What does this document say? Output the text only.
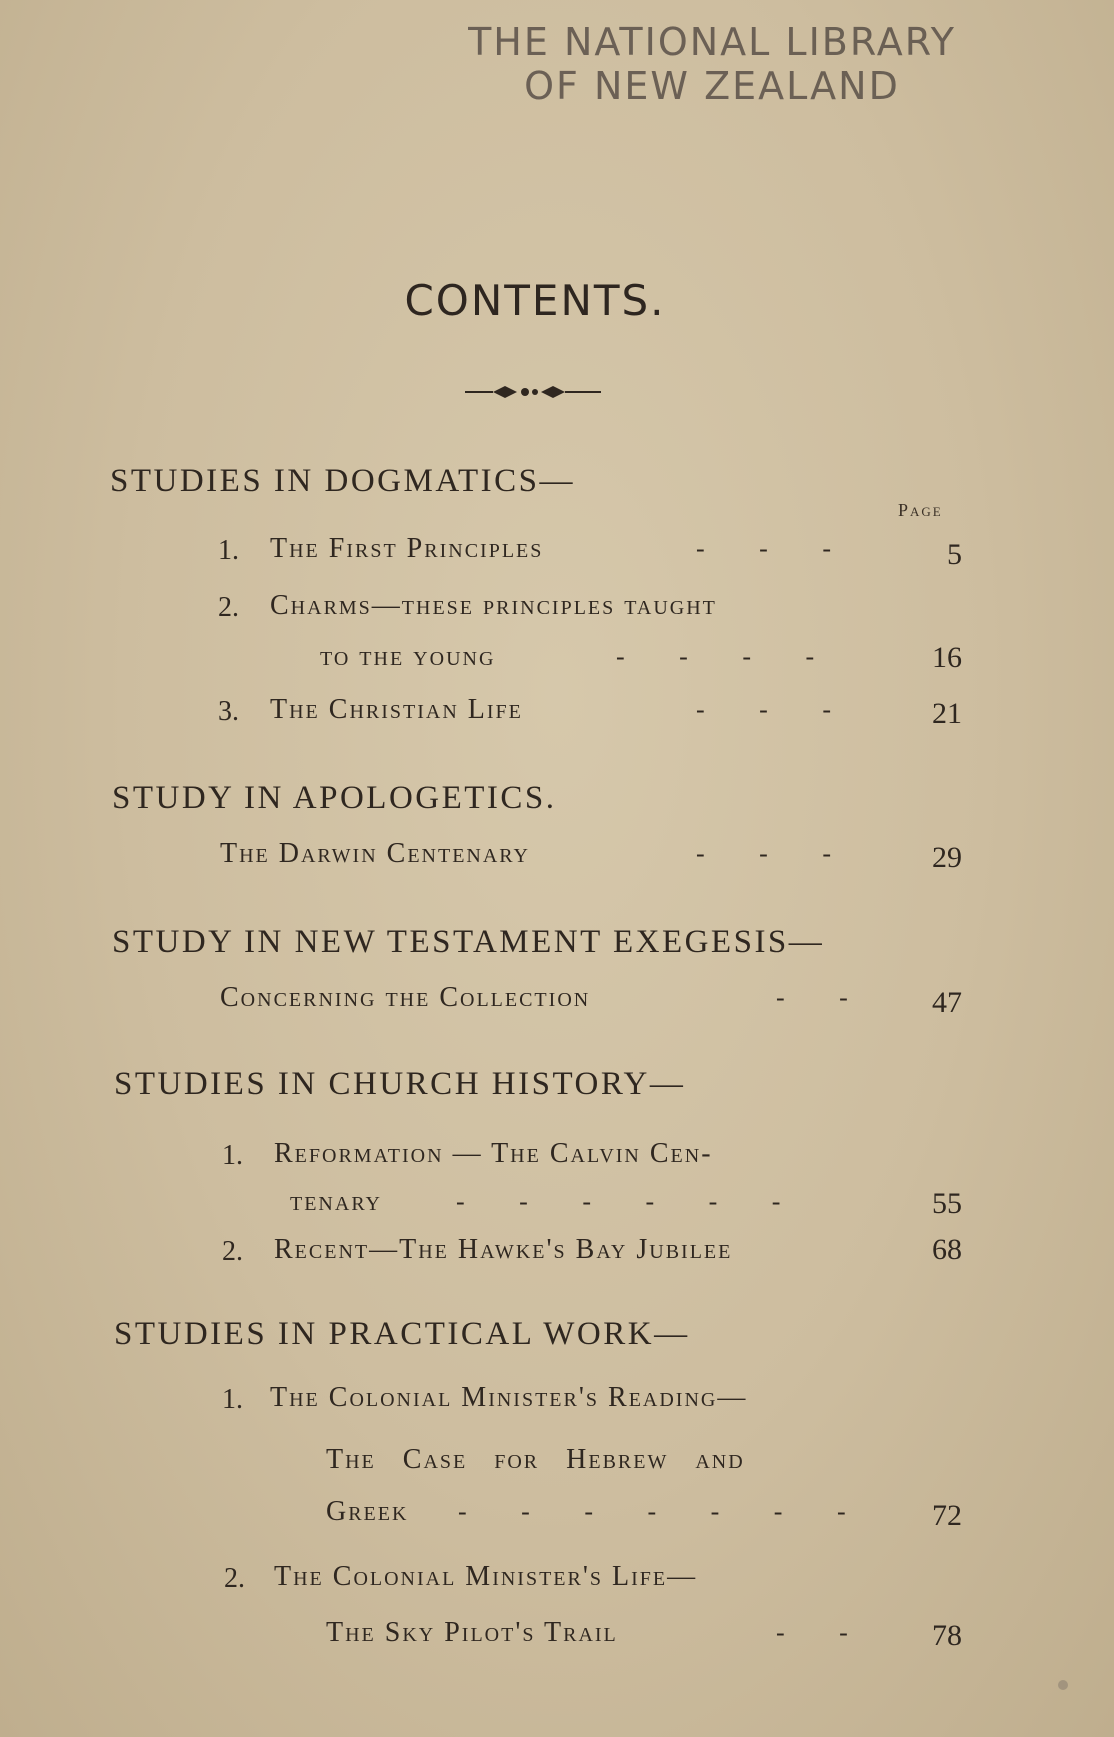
THE NATIONAL LIBRARY
OF NEW ZEALAND
CONTENTS.
STUDIES IN DOGMATICS—
Page
1. The First Principles	- - -	5
2. Charms—these principles taught
to the young	- - - -	16
3. The Christian Life	- - -	21
STUDY IN APOLOGETICS.
The Darwin Centenary	- - -	29
STUDY IN NEW TESTAMENT EXEGESIS—
Concerning the Collection	- -	47
STUDIES IN CHURCH HISTORY—
1. Reformation — The Calvin Cen-
tenary	- - - - - -	55
2. Recent—The Hawke's Bay Jubilee	68
STUDIES IN PRACTICAL WORK—
1. The Colonial Minister's Reading—
The Case for Hebrew and
Greek - - - - - - -	72
2. The Colonial Minister's Life—
The Sky Pilot's Trail	- -	78
